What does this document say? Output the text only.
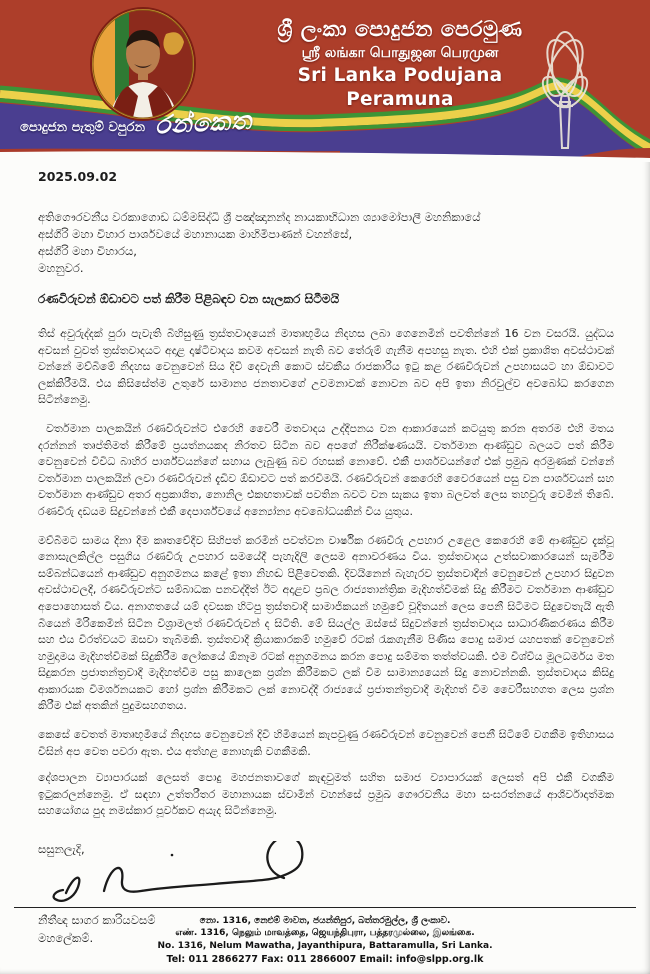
ශ්‍රී ලංකා පොදුජන පෙරමුණ
ஸ்ரீ லங்கா பொதுஜன பெரமுன
Sri Lanka Podujana Peramuna
පොදුජන පැතුම් වපුරන රන්කෙත
2025.09.02
අතිගෞරවනීය වරකාගොඩ ධම්මසිද්ධි ශ්‍රී පඤ්ඤානන්ද නායකාභිධාන ශ්‍යාමෝපාලී මහනිකායේ
අස්ගිරි මහා විහාර පාර්ශවයේ මහානායක මාහිමිපාණන් වහන්සේ,
අස්ගිරි මහා විහාරය,
මහනුවර.
රණවිරුවන් ඕඩාවට පත් කිරීම පිළිබඳව වන සැලකර සිටීමයි

තිස් අවුරුද්දක් පුරා පැවැති බිහිසුණු ත්‍රස්තවාදයෙන් මාතෘභූමිය නිදහස ලබා ගෙනෙමින් පවතින්නේ 16 වන වසරයි. යුද්ධය අවසන් වුවත් ත්‍රස්තවාදයට අදාළ දෘෂ්ටිවාදය කවම අවසන් නැති බව තේරුම් ගැනීම අපහසු නැත. එහි එක් ප්‍රකාශිත අවස්ථාවක් වන්නේ මව්බිමේ නිදහස වෙනුවෙන් සිය දිවි දෙවැනි කොට ස්වකීය රාජකාරිය ඉටු කළ රණවිරුවන් උපහාසයට හා ඕඩාවට ලක්කිරීමයි. එය කිසිසේත්ම උතුරේ සාමාන්‍ය ජනතාවගේ උවමනාවක් නොවන බව අපි ඉතා නිරවුල්ව අවබෝධ කරගෙන සිටින්නෙමු.

වර්තමාන පාලකයින් රණවිරුවන්ට එරෙහි වෛරී මතවාදය උද්දීපනය වන ආකාරයෙන් කටයුතු කරන අතරම එහි මතය දරන්නන් තෘප්තිමත් කිරීමේ ප්‍රයත්නයකද නිරතව සිටින බව අපගේ නිරීක්ෂණයයි. වර්තමාන ආණ්ඩුව බලයට පත් කිරීම වෙනුවෙන් විවිධ බාහිර පාර්ශ්වයන්ගේ සහාය ලැබුණු බව රහසක් නොවේ. එකී පාර්ශවයන්ගේ එක් ප්‍රමුඛ අරමුණක් වන්නේ වර්තමාන පාලකයින් ලවා රණවිරුවන් දැඩිව ඕඩාවට පත් කරවීමයි. රණවිරුවන් කෙරෙහි වෛරයෙන් පසු වන පාර්ශවයන් සහ වර්තමාන ආණ්ඩුව අතර අප්‍රකාශිත, නොනිල එකඟතාවක් පවතින බවට වන සැකය ඉතා බලවත් ලෙස තහවුරු වෙමින් තිබේ. රණවිරු දඩයම සිදුවන්නේ එකී දෙපාර්ශ්වයේ අන්‍යෝන්‍ය අවබෝධයකින් විය යුතුය.

මව්බිමට සාමය දිනා දීම කෘතවේදීව සිහිපත් කරමින් පවත්වන වාර්ෂික රණවිරු උපහාර උළෙල කෙරෙහි මේ ආණ්ඩුව දැක්වූ නොසැලකිල්ල පසුගිය රණවිරු උපහාර සමයේදී පැහැදිලි ලෙසම අනාවරණය විය. ත්‍රස්තවාදය උත්සවාකාරයෙන් සැමරීම සම්බන්ධයෙන් ආණ්ඩුව අනුගමනය කළේ ඉතා නිහඬ පිළිවෙතකි. දිවයිනෙන් බැහැරව ත්‍රස්තවාදීන් වෙනුවෙන් උපහාර සිදුවන අවස්ථාවලදී, රණවිරුවන්ට සම්බාධක පනවද්දීත් ඊට අදාළව ප්‍රබල රාජ්‍යතාන්ත්‍රික මැදිහත්වීමක් සිදු කිරීමට වර්තමාන ආණ්ඩුව අපොහොසත් විය. අනාගතයේ යම් දවසක හිටපු ත්‍රස්තවාදී සාමාජිකයන් හමුවේ චූදිතයන් ලෙස පෙනී සිටීමට සිදුවෙතැයි ඇති බියෙන් මිරිකෙමින් සිටින විශ්‍රාමලත් රණවිරුවන් ද සිටිති. මේ සියල්ල ඔස්සේ සිදුවන්නේ ත්‍රස්තවාදය සාධාරණීකරණය කිරීම සහ එය වීරත්වයට ඔසවා තැබීමකි. ත්‍රස්තවාදී ක්‍රියාකාරකම් හමුවේ රටක් රැකගැනීම පිණිස පොදු සමාජ යහපතක් වෙනුවෙන් හමුදාමය මැදිහත්වීමක් සිදුකිරීම ලෝකයේ ඕනෑම රටක් අනුගමනය කරන පොදු සම්මත තත්ත්වයකි. එම විශ්විය මූලධර්මය මත සිදුකරන ප්‍රජාතන්ත්‍රවාදී මැදිහත්වීම පසු කාලෙක ප්‍රශ්න කිරීමකට ලක් වීම සාමාන්‍යයෙන් සිදු නොවන්නකි. ත්‍රස්තවාදය කිසිදු ආකාරයක විමර්ශනයකට හෝ ප්‍රශ්න කිරීමකට ලක් නොවද්දී රාජ්‍යයේ ප්‍රජාතන්ත්‍රවාදී මැදිහත් වීම වෛරීසහගත ලෙස ප්‍රශ්න කිරීම එක් අතකින් පුදුමසහගතය.

කෙසේ වෙතත් මාතෘභූමියේ නිදහස වෙනුවෙන් දිවි හිමියෙන් කැපවුණු රණවිරුවන් වෙනුවෙන් පෙනී සිටීමේ වගකීම ඉතිහාසය විසින් අප වෙත පවරා ඇත. එය අත්හළ නොහැකි වගකීමකි.

දේශපාලන ව්‍යාපාරයක් ලෙසත් පොදු මහජනතාවගේ කැඳවුමත් සහිත සමාජ ව්‍යාපාරයක් ලෙසත් අපි එකී වගකීම ඉටුකරලන්නෙමු. ඒ සඳහා උත්තරීතර මහානායක ස්වාමීන් වහන්සේ ප්‍රමුඛ ගෞරවනීය මහා සංඝරත්නයේ ආශීර්වාදාත්මක සහයෝගය පුද නමස්කාර පූර්වකව අයැද සිටින්නෙමු.

සසුනලැදි,
නීතීඥ සාගර කාරියවසම්
මහලේකම්.
නො. 1316, නෙළුම් මාවත, ජයන්තිපුර, බත්තරමුල්ල, ශ්‍රී ලංකාව.
எண். 1316, நெலும் மாவத்தை, ஜெயந்திபுரா, பத்தரமுல்லை, இலங்கை.
No. 1316, Nelum Mawatha, Jayanthipura, Battaramulla, Sri Lanka.
Tel: 011 2866277 Fax: 011 2866007 Email: info@slpp.org.lk
